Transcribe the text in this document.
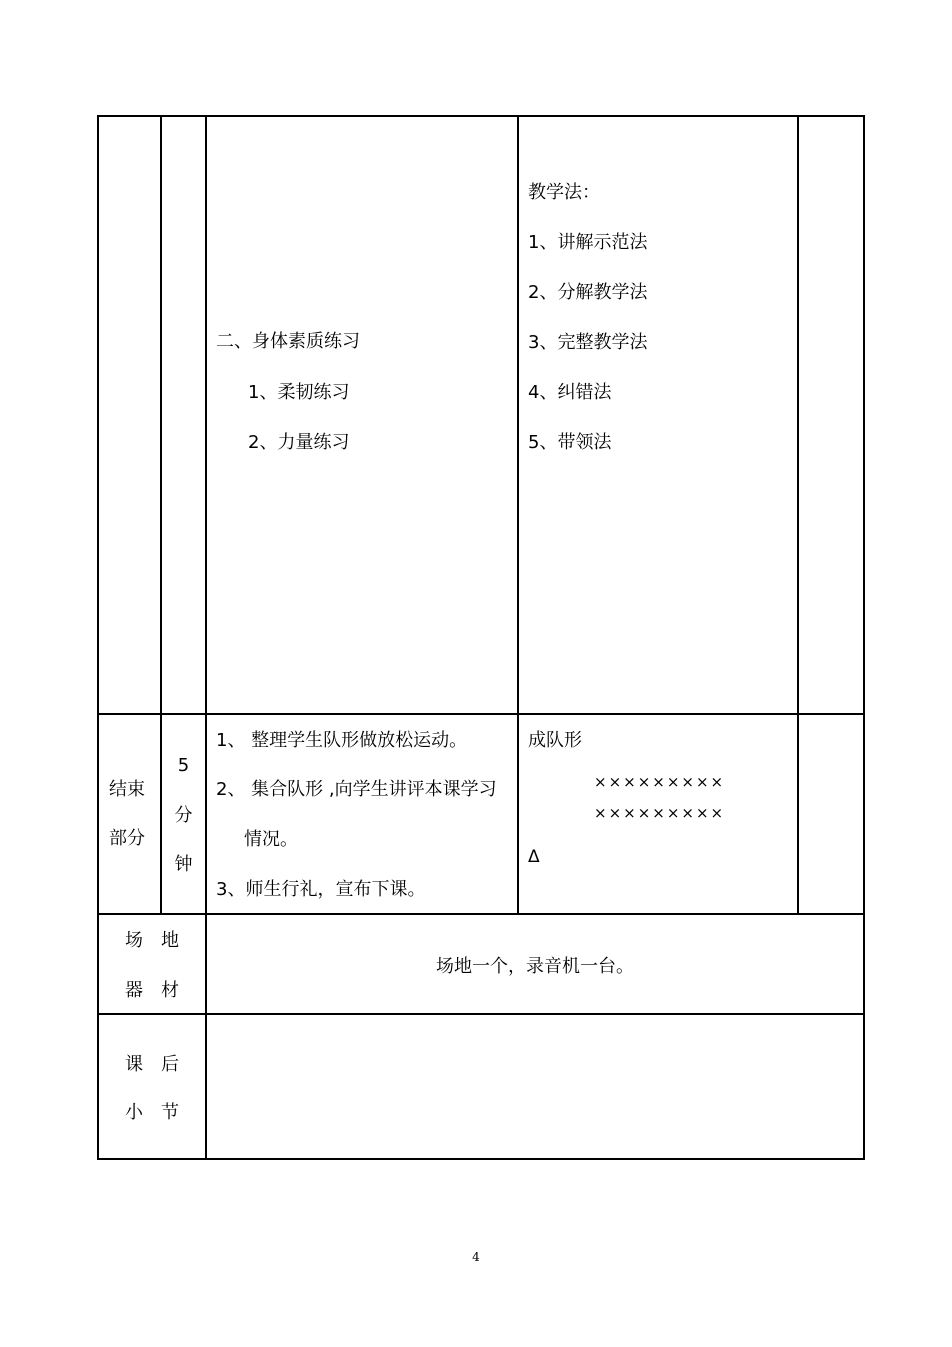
二、身体素质练习
1、柔韧练习
2、力量练习
教学法：
1、讲解示范法
2、分解教学法
3、完整教学法
4、纠错法
5、带领法
结束
部分
5
分
钟
1、 整理学生队形做放松运动。
2、 集合队形 ,向学生讲评本课学习
情况。
3、师生行礼，宣布下课。
成队形
×××××××××
×××××××××
Δ
场　地
器　材
场地一个，录音机一台。
课　后
小　节
4
